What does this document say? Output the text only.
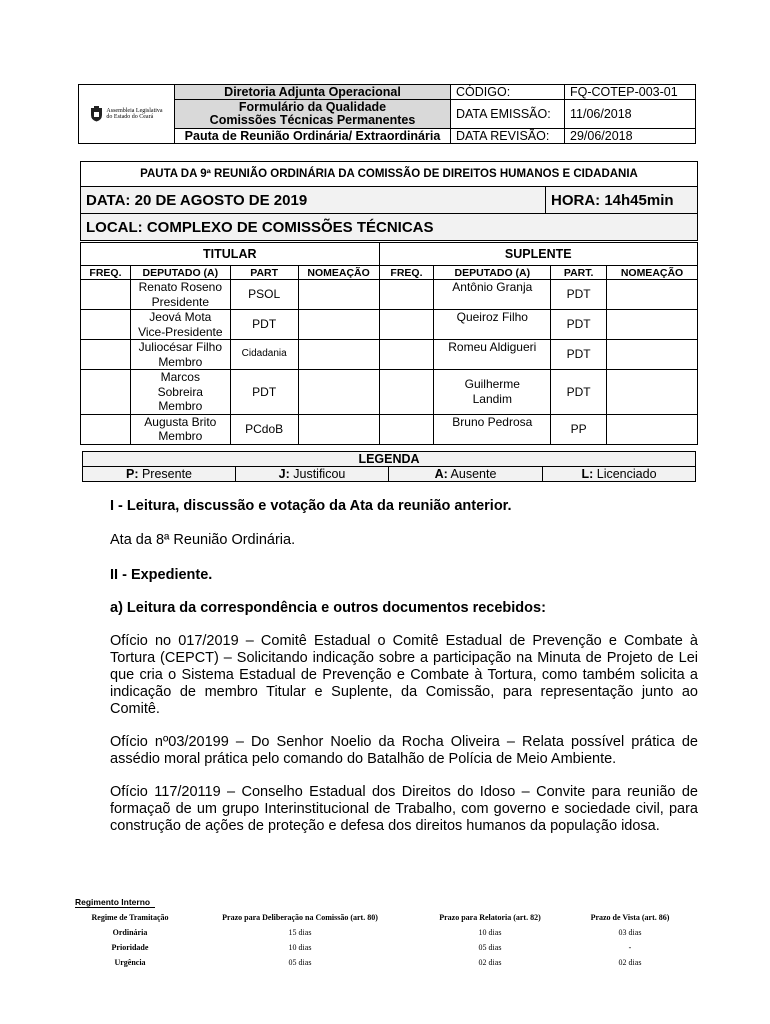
Assembleia Legislativa
do Estado do Ceará	Diretoria Adjunta Operacional	CÓDIGO:	FQ-COTEP-003-01

	Formulário da Qualidade
Comissões Técnicas Permanentes	DATA EMISSÃO:	11/06/2018

	Pauta de Reunião Ordinária/ Extraordinária	DATA REVISÃO:	29/06/2018
PAUTA DA 9ª REUNIÃO ORDINÁRIA DA COMISSÃO DE DIREITOS HUMANOS E CIDADANIA
DATA: 20 DE AGOSTO DE 2019	HORA: 14h45min
LOCAL: COMPLEXO DE COMISSÕES TÉCNICAS
TITULAR				SUPLENTE			
FREQ.	DEPUTADO (A)	PART	NOMEAÇÃO	FREQ.	DEPUTADO (A)	PART.	NOMEAÇÃO

	Renato Roseno
Presidente	PSOL			Antônio Granja	PDT	

	Jeová Mota
Vice-Presidente	PDT			Queiroz Filho	PDT	

	Juliocésar Filho
Membro	Cidadania			Romeu Aldigueri	PDT	

	Marcos Sobreira
Membro	PDT			Guilherme Landim	PDT	

	Augusta Brito
Membro	PCdoB			Bruno Pedrosa	PP	
LEGENDA
P: Presente	J: Justificou	A: Ausente	L: Licenciado
I - Leitura, discussão e votação da Ata da reunião anterior.
Ata da 8ª Reunião Ordinária.
II - Expediente.
a) Leitura da correspondência e outros documentos recebidos:
Ofício no 017/2019 – Comitê Estadual o Comitê Estadual de Prevenção e Combate à Tortura (CEPCT) – Solicitando indicação sobre a participação na Minuta de Projeto de Lei que cria o Sistema Estadual de Prevenção e Combate à Tortura, como também solicita a indicação de membro Titular e Suplente, da Comissão, para representação junto ao Comitê.
Ofício nº03/20199 – Do Senhor Noelio da Rocha Oliveira – Relata possível prática de assédio moral prática pelo comando do Batalhão de Polícia de Meio Ambiente.
Ofício 117/20119 – Conselho Estadual dos Direitos do Idoso – Convite para reunião de formaçaõ de um grupo Interinstitucional de Trabalho, com governo e sociedade civil, para construção de ações de proteção e defesa dos direitos humanos da população idosa.
Regimento Interno
Regime de Tramitação	Prazo para Deliberação na Comissão (art. 80)	Prazo para Relatoria (art. 82)	Prazo de Vista (art. 86)
Ordinária	15 dias	10 dias	03 dias
Prioridade	10 dias	05 dias	-
Urgência	05 dias	02 dias	02 dias
